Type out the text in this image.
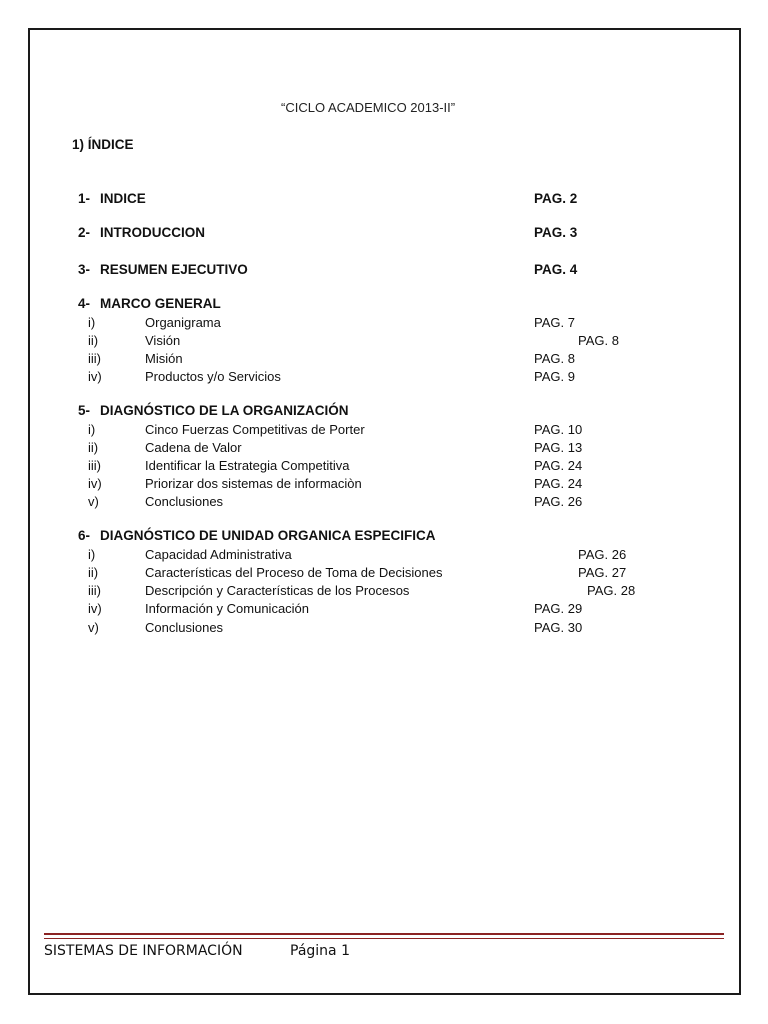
“CICLO ACADEMICO 2013-II”
1) ÍNDICE
1- INDICE	PAG. 2
2- INTRODUCCION	PAG. 3
3- RESUMEN EJECUTIVO	PAG. 4
4- MARCO GENERAL
i)	Organigrama	PAG. 7
ii)	Visión	PAG. 8
iii)	Misión	PAG. 8
iv)	Productos y/o Servicios	PAG. 9
5- DIAGNÓSTICO DE LA ORGANIZACIÓN
i)	Cinco Fuerzas Competitivas de Porter	PAG. 10
ii)	Cadena de Valor	PAG. 13
iii)	Identificar la Estrategia Competitiva	PAG. 24
iv)	Priorizar dos sistemas de informaciòn	PAG. 24
v)	Conclusiones	PAG. 26
6- DIAGNÓSTICO DE UNIDAD ORGANICA ESPECIFICA
i)	Capacidad Administrativa	PAG. 26
ii)	Características del Proceso de Toma de Decisiones	PAG. 27
iii)	Descripción y Características de los Procesos	PAG. 28
iv)	Información y Comunicación	PAG. 29
v)	Conclusiones	PAG. 30
SISTEMAS DE INFORMACIÓN	Página 1
